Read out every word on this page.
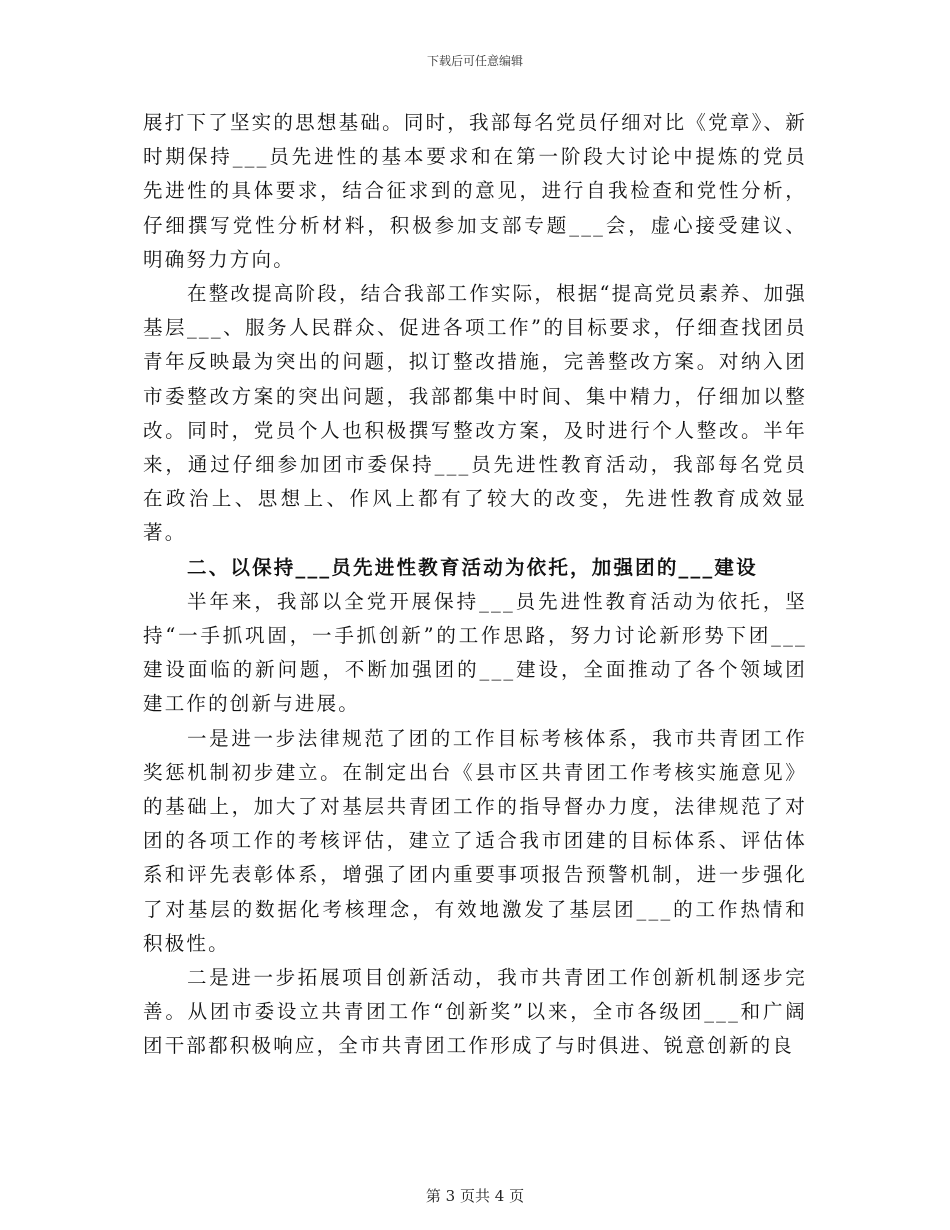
下载后可任意编辑

展打下了坚实的思想基础。同时，我部每名党员仔细对比《党章》、新时期保持___员先进性的基本要求和在第一阶段大讨论中提炼的党员先进性的具体要求，结合征求到的意见，进行自我检查和党性分析，仔细撰写党性分析材料，积极参加支部专题___会，虚心接受建议、明确努力方向。

在整改提高阶段，结合我部工作实际，根据“提高党员素养、加强基层___、服务人民群众、促进各项工作”的目标要求，仔细查找团员青年反映最为突出的问题，拟订整改措施，完善整改方案。对纳入团市委整改方案的突出问题，我部都集中时间、集中精力，仔细加以整改。同时，党员个人也积极撰写整改方案，及时进行个人整改。半年来，通过仔细参加团市委保持___员先进性教育活动，我部每名党员在政治上、思想上、作风上都有了较大的改变，先进性教育成效显著。

二、以保持___员先进性教育活动为依托，加强团的___建设

半年来，我部以全党开展保持___员先进性教育活动为依托，坚持“一手抓巩固，一手抓创新”的工作思路，努力讨论新形势下团___建设面临的新问题，不断加强团的___建设，全面推动了各个领域团建工作的创新与进展。

一是进一步法律规范了团的工作目标考核体系，我市共青团工作奖惩机制初步建立。在制定出台《县市区共青团工作考核实施意见》的基础上，加大了对基层共青团工作的指导督办力度，法律规范了对团的各项工作的考核评估，建立了适合我市团建的目标体系、评估体系和评先表彰体系，增强了团内重要事项报告预警机制，进一步强化了对基层的数据化考核理念，有效地激发了基层团___的工作热情和积极性。

二是进一步拓展项目创新活动，我市共青团工作创新机制逐步完善。从团市委设立共青团工作“创新奖”以来，全市各级团___和广阔团干部都积极响应，全市共青团工作形成了与时俱进、锐意创新的良

第 3 页共 4 页
